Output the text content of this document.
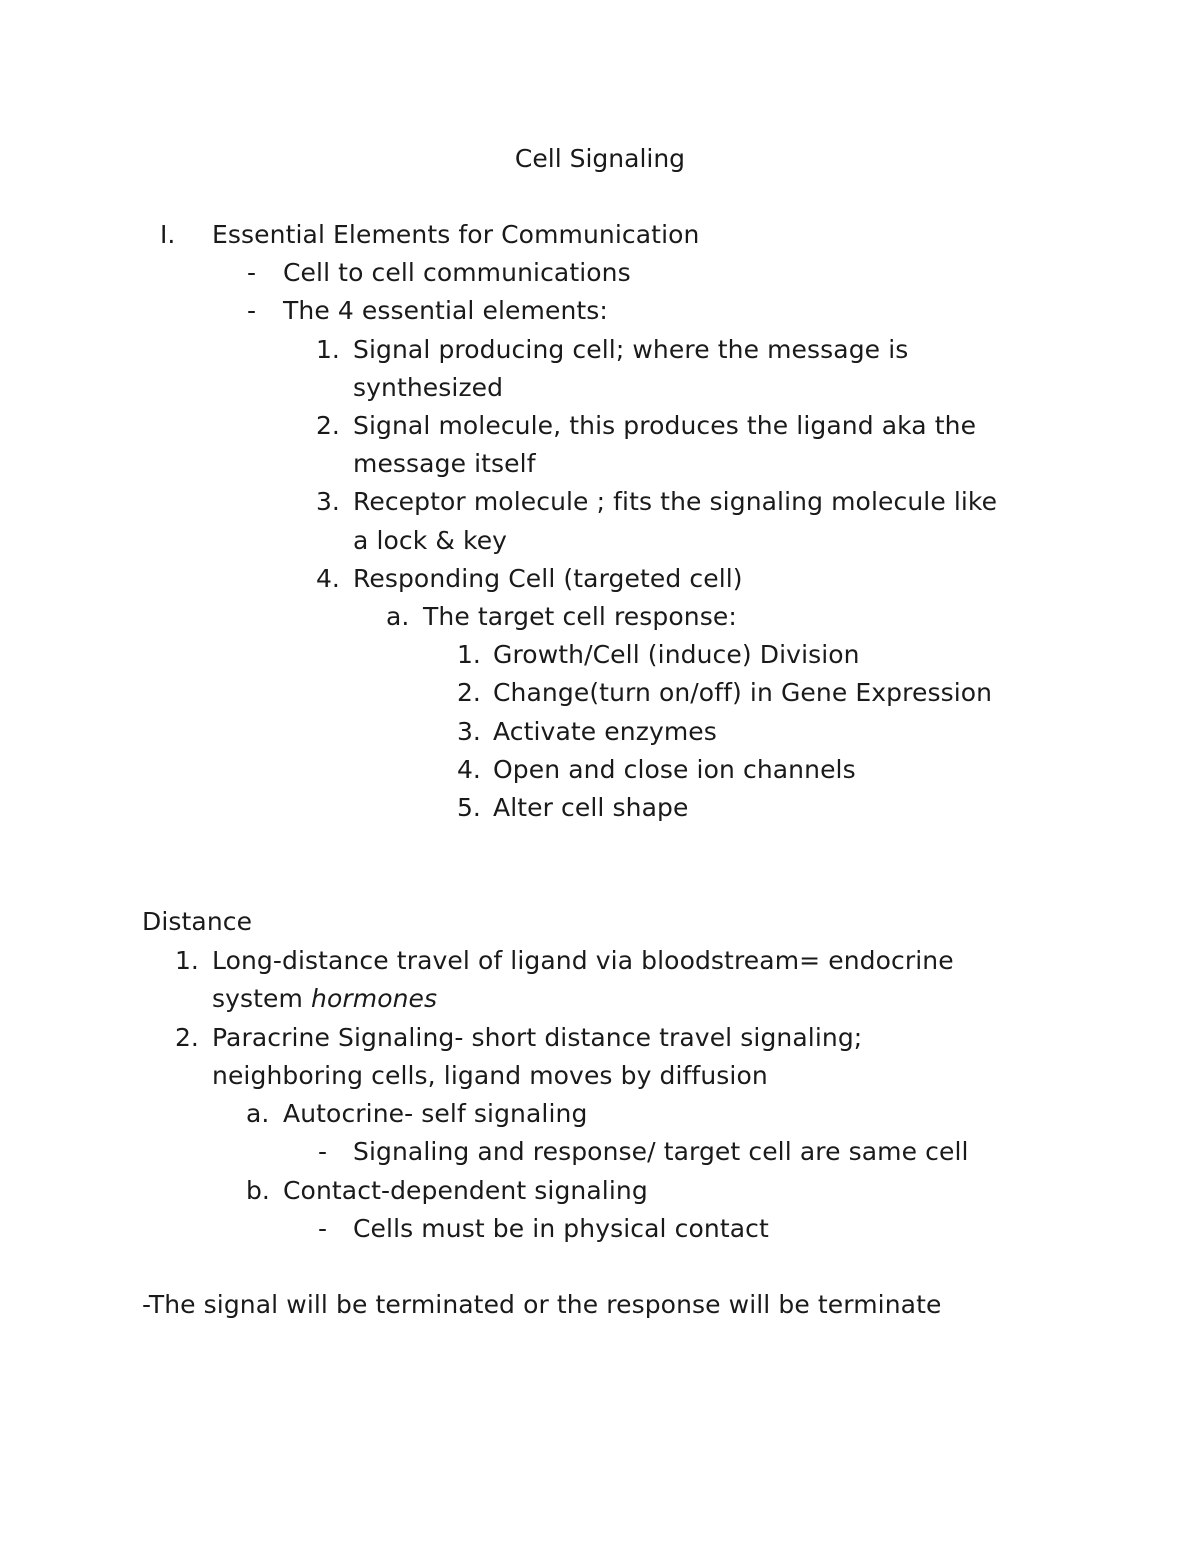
Cell Signaling
I. Essential Elements for Communication
- Cell to cell communications
- The 4 essential elements:
1. Signal producing cell; where the message is
synthesized
2. Signal molecule, this produces the ligand aka the
message itself
3. Receptor molecule ; fits the signaling molecule like
a lock & key
4. Responding Cell (targeted cell)
a. The target cell response:
1. Growth/Cell (induce) Division
2. Change(turn on/off) in Gene Expression
3. Activate enzymes
4. Open and close ion channels
5. Alter cell shape
Distance
1. Long-distance travel of ligand via bloodstream= endocrine
system hormones
2. Paracrine Signaling- short distance travel signaling;
neighboring cells, ligand moves by diffusion
a. Autocrine- self signaling
- Signaling and response/ target cell are same cell
b. Contact-dependent signaling
- Cells must be in physical contact
-The signal will be terminated or the response will be terminate
